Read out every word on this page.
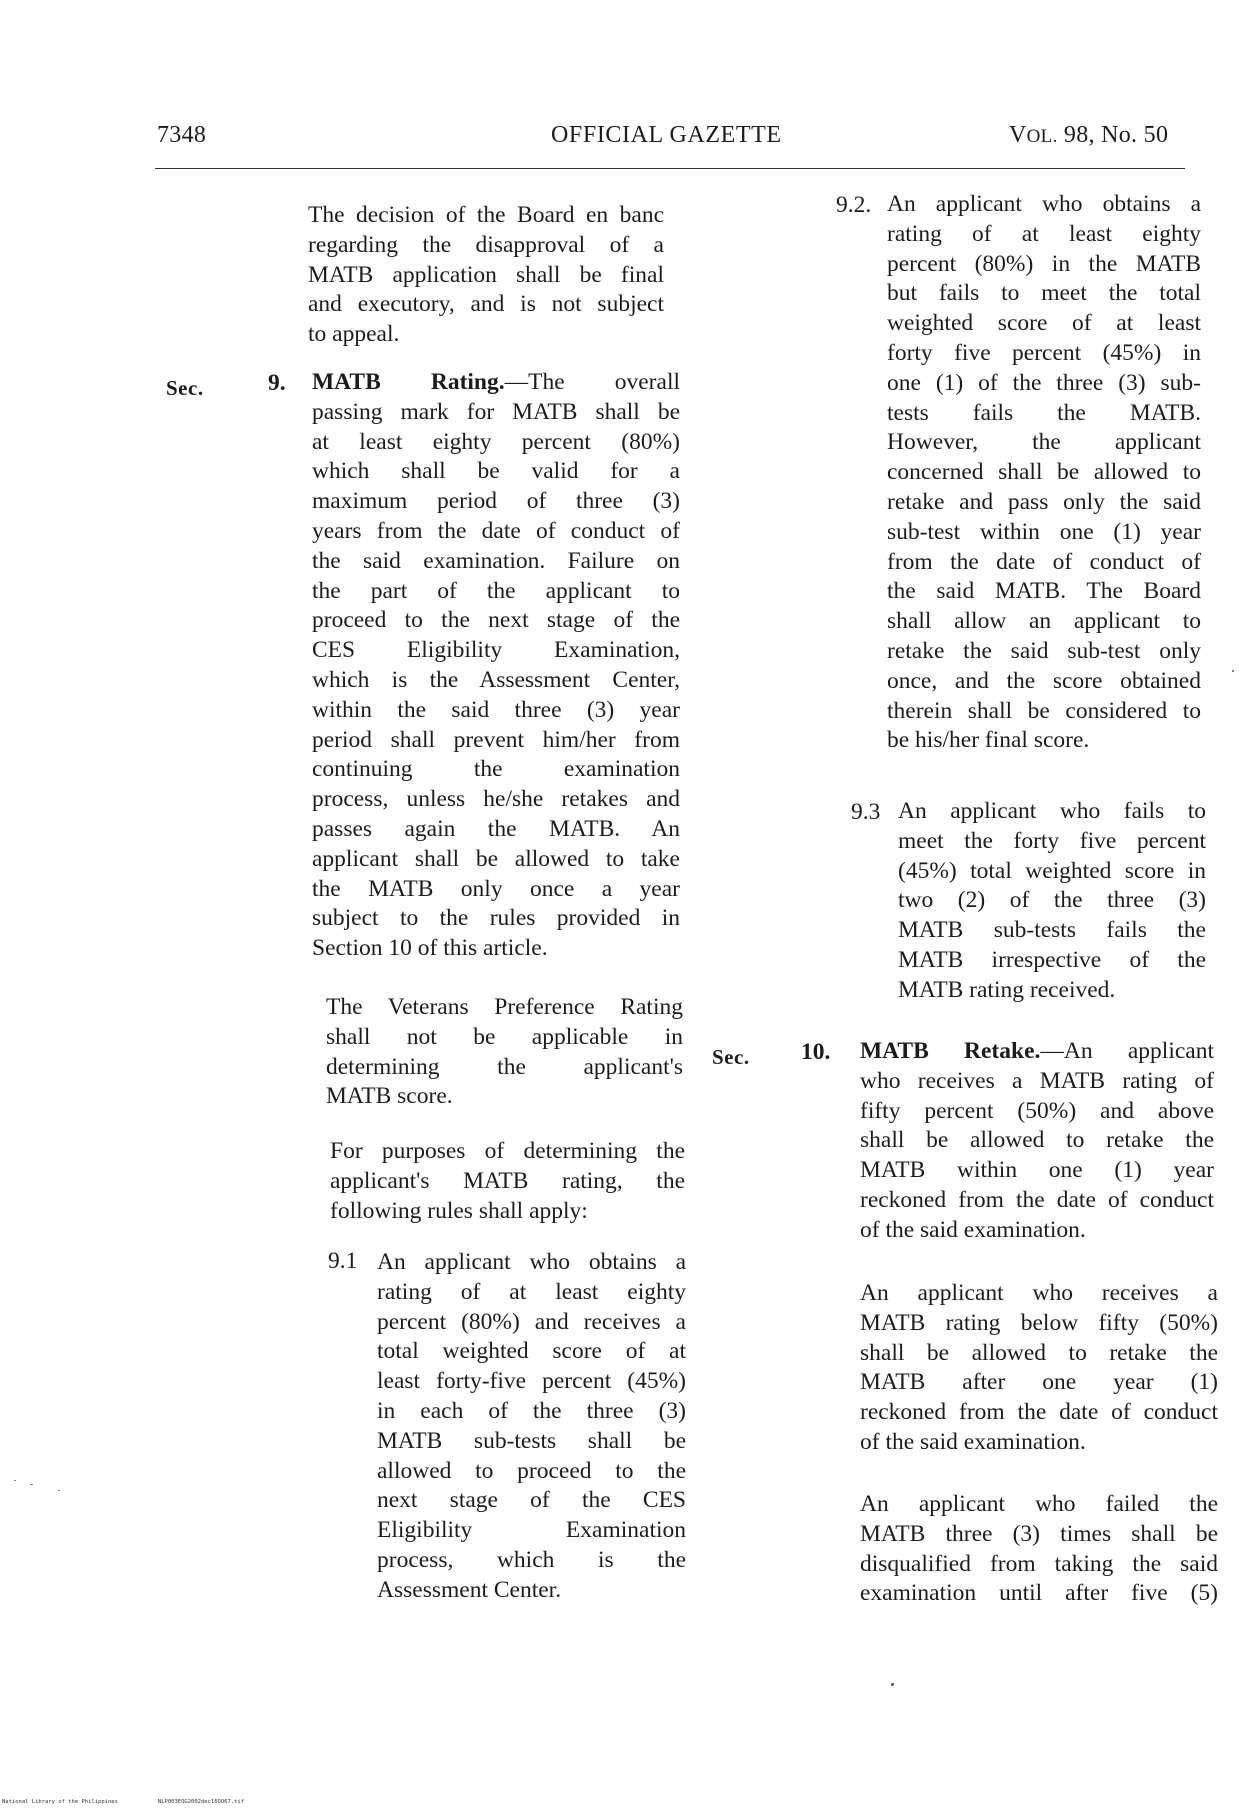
7348	OFFICIAL GAZETTE	VOL. 98, No. 50

The decision of the Board en banc
regarding the disapproval of a
MATB application shall be final
and executory, and is not subject
to appeal.

Sec.	9. MATB Rating.—The overall
passing mark for MATB shall be
at least eighty percent (80%)
which shall be valid for a
maximum period of three (3)
years from the date of conduct of
the said examination. Failure on
the part of the applicant to
proceed to the next stage of the
CES Eligibility Examination,
which is the Assessment Center,
within the said three (3) year
period shall prevent him/her from
continuing the examination
process, unless he/she retakes and
passes again the MATB. An
applicant shall be allowed to take
the MATB only once a year
subject to the rules provided in
Section 10 of this article.

The Veterans Preference Rating
shall not be applicable in
determining the applicant's
MATB score.

For purposes of determining the
applicant's MATB rating, the
following rules shall apply:

9.1 An applicant who obtains a
rating of at least eighty
percent (80%) and receives a
total weighted score of at
least forty-five percent (45%)
in each of the three (3)
MATB sub-tests shall be
allowed to proceed to the
next stage of the CES
Eligibility Examination
process, which is the
Assessment Center.

9.2. An applicant who obtains a
rating of at least eighty
percent (80%) in the MATB
but fails to meet the total
weighted score of at least
forty five percent (45%) in
one (1) of the three (3) sub-
tests fails the MATB.
However, the applicant
concerned shall be allowed to
retake and pass only the said
sub-test within one (1) year
from the date of conduct of
the said MATB. The Board
shall allow an applicant to
retake the said sub-test only
once, and the score obtained
therein shall be considered to
be his/her final score.

9.3 An applicant who fails to
meet the forty five percent
(45%) total weighted score in
two (2) of the three (3)
MATB sub-tests fails the
MATB irrespective of the
MATB rating received.

Sec. 10. MATB Retake.—An applicant
who receives a MATB rating of
fifty percent (50%) and above
shall be allowed to retake the
MATB within one (1) year
reckoned from the date of conduct
of the said examination.

An applicant who receives a
MATB rating below fifty (50%)
shall be allowed to retake the
MATB after one year (1)
reckoned from the date of conduct
of the said examination.

An applicant who failed the
MATB three (3) times shall be
disqualified from taking the said
examination until after five (5)

National Library of the Philippines	NLP003EOG2002dec16OO67.tif
